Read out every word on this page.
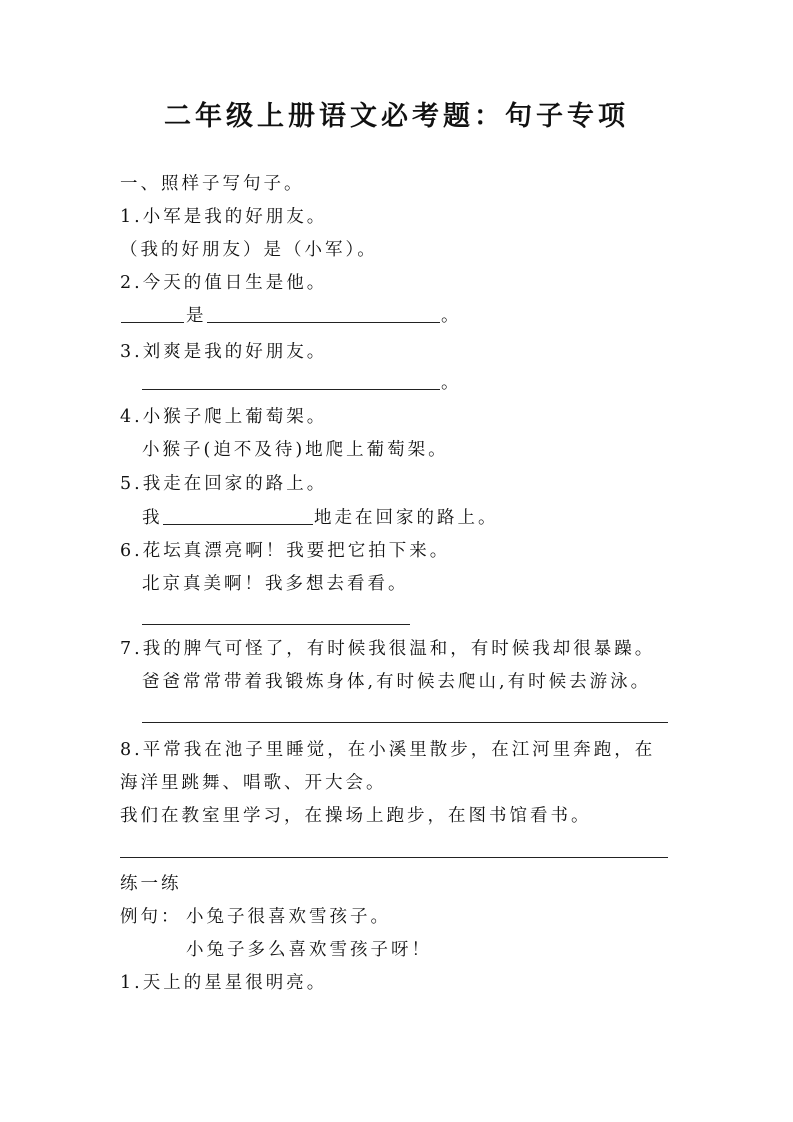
二年级上册语文必考题：句子专项
一、照样子写句子。
1.小军是我的好朋友。
（我的好朋友）是（小军）。
2.今天的值日生是他。
是	。
3.刘爽是我的好朋友。
。
4.小猴子爬上葡萄架。
小猴子(迫不及待)地爬上葡萄架。
5.我走在回家的路上。
我	地走在回家的路上。
6.花坛真漂亮啊！我要把它拍下来。
北京真美啊！我多想去看看。
7.我的脾气可怪了，有时候我很温和，有时候我却很暴躁。
爸爸常常带着我锻炼身体,有时候去爬山,有时候去游泳。
8.平常我在池子里睡觉，在小溪里散步，在江河里奔跑，在
海洋里跳舞、唱歌、开大会。
我们在教室里学习，在操场上跑步，在图书馆看书。
练一练
例句： 小兔子很喜欢雪孩子。
小兔子多么喜欢雪孩子呀！
1.天上的星星很明亮。
